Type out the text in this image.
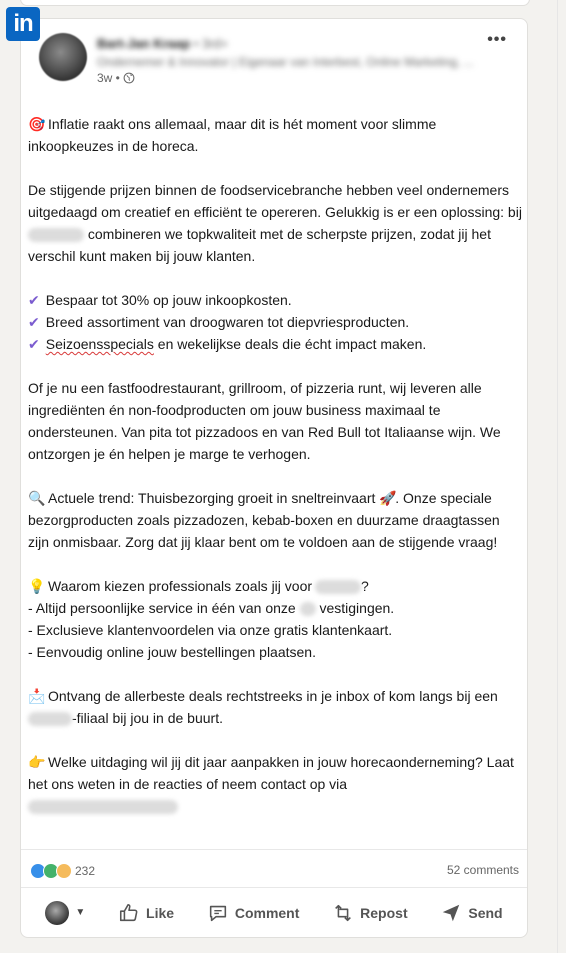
in
Bart-Jan Kraap • 3rd+
Ondernemer & Innovator | Eigenaar van Interbest, Online Marketing, ...
3w •
•••

🎯 Inflatie raakt ons allemaal, maar dit is hét moment voor slimme inkoopkeuzes in de horeca.

De stijgende prijzen binnen de foodservicebranche hebben veel ondernemers uitgedaagd om creatief en efficiënt te opereren. Gelukkig is er een oplossing: bij combineren we topkwaliteit met de scherpste prijzen, zodat jij het verschil kunt maken bij jouw klanten.

✔ Bespaar tot 30% op jouw inkoopkosten.
✔ Breed assortiment van droogwaren tot diepvriesproducten.
✔ Seizoensspecials en wekelijkse deals die écht impact maken.

Of je nu een fastfoodrestaurant, grillroom, of pizzeria runt, wij leveren alle ingrediënten én non-foodproducten om jouw business maximaal te ondersteunen. Van pita tot pizzadoos en van Red Bull tot Italiaanse wijn. We ontzorgen je én helpen je marge te verhogen.

🔍 Actuele trend: Thuisbezorging groeit in sneltreinvaart 🚀. Onze speciale bezorgproducten zoals pizzadozen, kebab-boxen en duurzame draagtassen zijn onmisbaar. Zorg dat jij klaar bent om te voldoen aan de stijgende vraag!

💡 Waarom kiezen professionals zoals jij voor	?
- Altijd persoonlijke service in één van onze vestigingen.
- Exclusieve klantenvoordelen via onze gratis klantenkaart.
- Eenvoudig online jouw bestellingen plaatsen.

📩 Ontvang de allerbeste deals rechtstreeks in je inbox of kom langs bij een -filiaal bij jou in de buurt.

👉 Welke uitdaging wil jij dit jaar aanpakken in jouw horecaonderneming? Laat het ons weten in de reacties of neem contact op via

232	52 comments
▼	Like	Comment	Repost	Send
